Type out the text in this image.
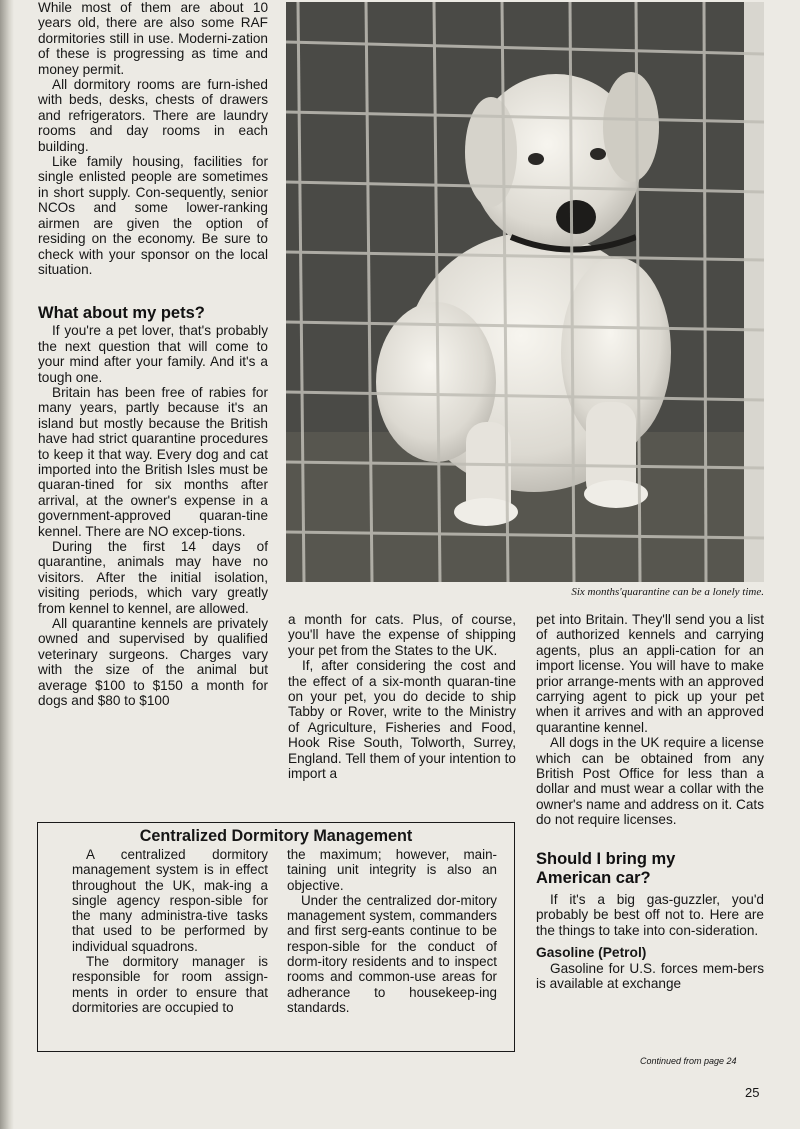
While most of them are about 10 years old, there are also some RAF dormitories still in use. Moderni-zation of these is progressing as time and money permit.

All dormitory rooms are furn-ished with beds, desks, chests of drawers and refrigerators. There are laundry rooms and day rooms in each building.

Like family housing, facilities for single enlisted people are sometimes in short supply. Con-sequently, senior NCOs and some lower-ranking airmen are given the option of residing on the economy. Be sure to check with your sponsor on the local situation.

What about my pets?

If you're a pet lover, that's probably the next question that will come to your mind after your family. And it's a tough one.

Britain has been free of rabies for many years, partly because it's an island but mostly because the British have had strict quarantine procedures to keep it that way. Every dog and cat imported into the British Isles must be quaran-tined for six months after arrival, at the owner's expense in a government-approved quaran-tine kennel. There are NO excep-tions.

During the first 14 days of quarantine, animals may have no visitors. After the initial isolation, visiting periods, which vary greatly from kennel to kennel, are allowed.

All quarantine kennels are privately owned and supervised by qualified veterinary surgeons. Charges vary with the size of the animal but average $100 to $150 a month for dogs and $80 to $100

Six months'quarantine can be a lonely time.

a month for cats. Plus, of course, you'll have the expense of shipping your pet from the States to the UK.

If, after considering the cost and the effect of a six-month quaran-tine on your pet, you do decide to ship Tabby or Rover, write to the Ministry of Agriculture, Fisheries and Food, Hook Rise South, Tolworth, Surrey, England. Tell them of your intention to import a

pet into Britain. They'll send you a list of authorized kennels and carrying agents, plus an appli-cation for an import license. You will have to make prior arrange-ments with an approved carrying agent to pick up your pet when it arrives and with an approved quarantine kennel.

All dogs in the UK require a license which can be obtained from any British Post Office for less than a dollar and must wear a collar with the owner's name and address on it. Cats do not require licenses.

Should I bring my American car?

If it's a big gas-guzzler, you'd probably be best off not to. Here are the things to take into con-sideration.

Gasoline (Petrol)

Gasoline for U.S. forces mem-bers is available at exchange

Continued from page 24
Centralized Dormitory Management

A centralized dormitory management system is in effect throughout the UK, mak-ing a single agency respon-sible for the many administra-tive tasks that used to be performed by individual squadrons.

The dormitory manager is responsible for room assign-ments in order to ensure that dormitories are occupied to

the maximum; however, main-taining unit integrity is also an objective.

Under the centralized dor-mitory management system, commanders and first serg-eants continue to be respon-sible for the conduct of dorm-itory residents and to inspect rooms and common-use areas for adherance to housekeep-ing standards.

25
